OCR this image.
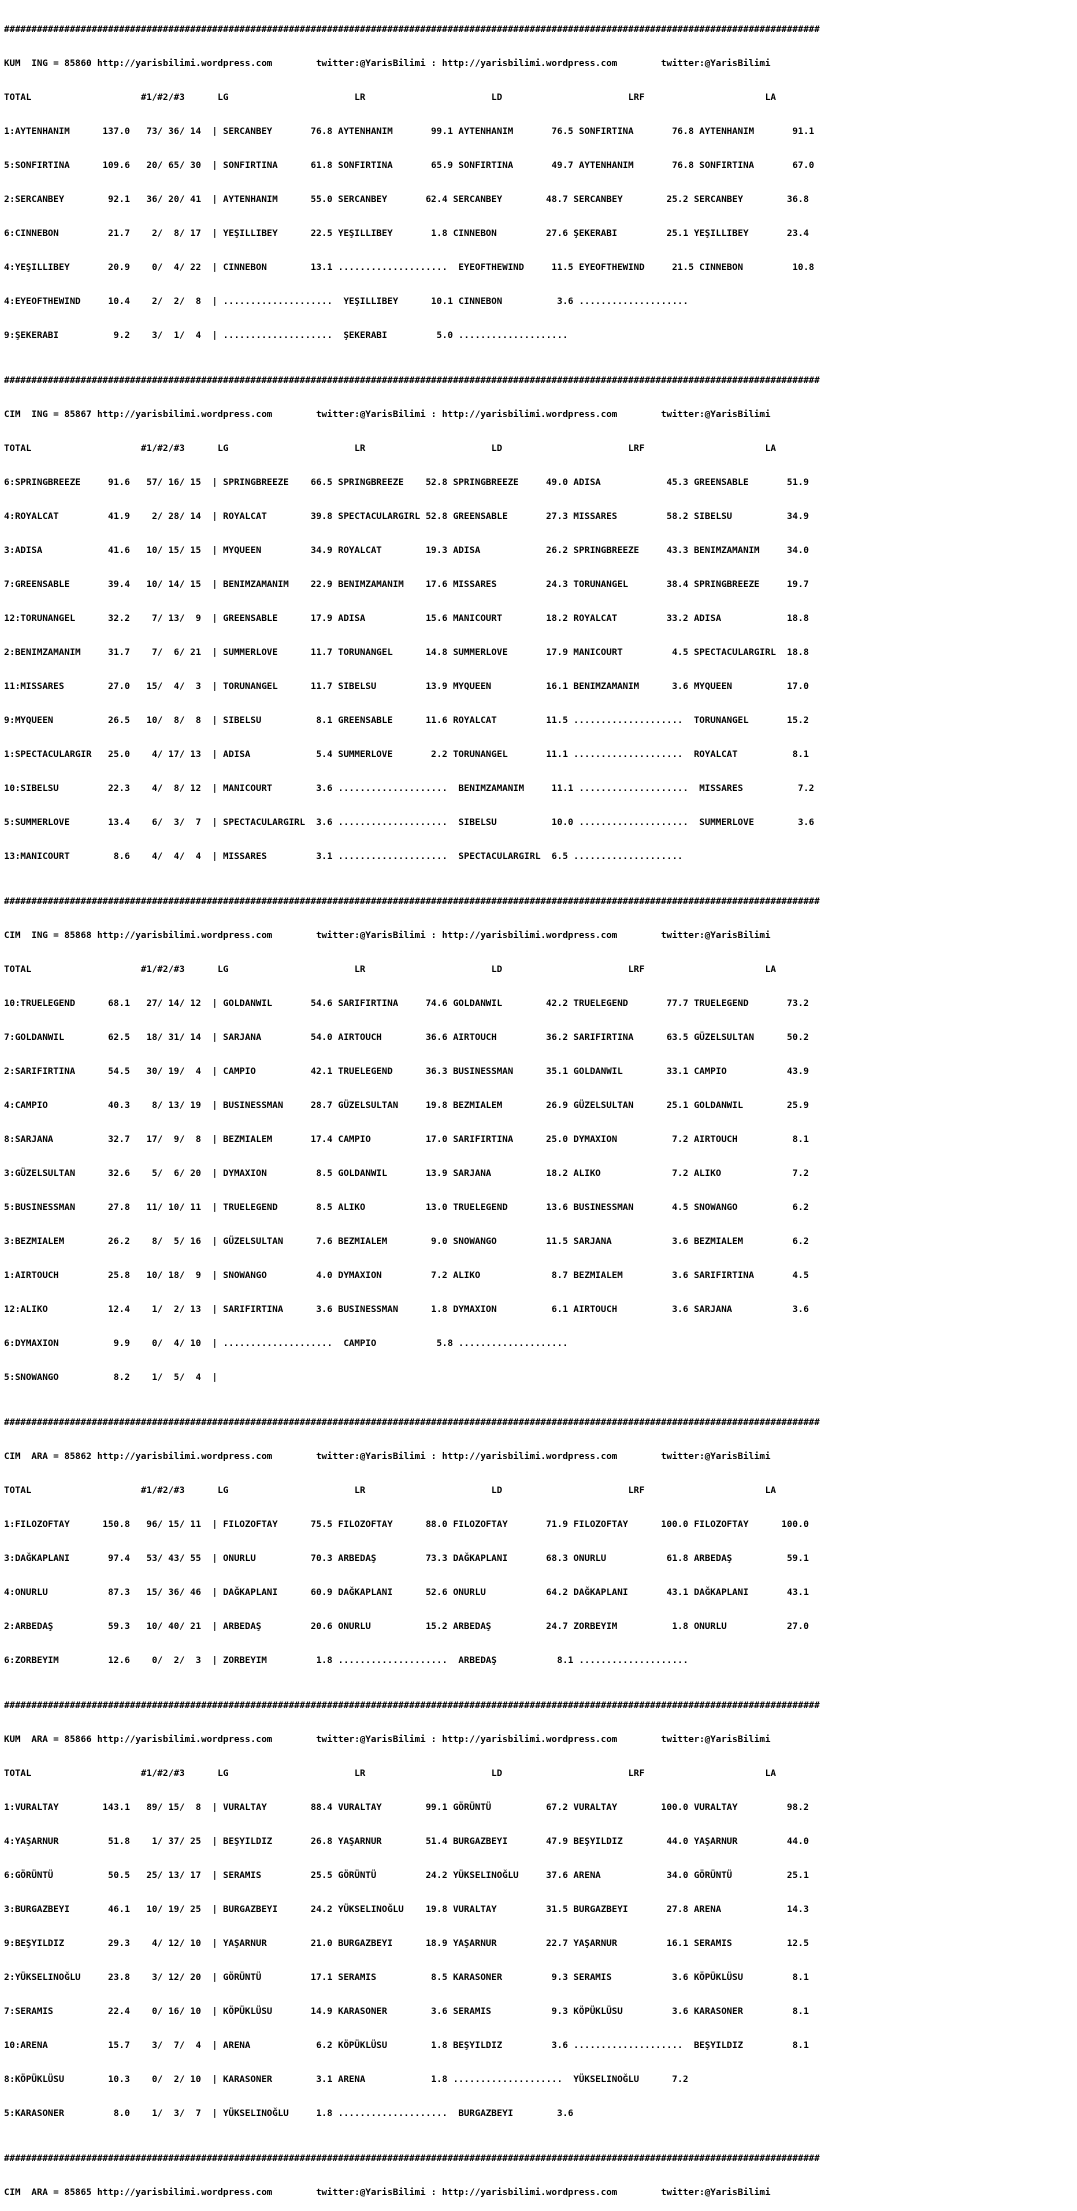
#####################################################################################################################################################

KUM  ING = 85860 http://yarisbilimi.wordpress.com        twitter:@YarisBilimi : http://yarisbilimi.wordpress.com        twitter:@YarisBilimi

TOTAL                    #1/#2/#3      LG                       LR                       LD                       LRF                      LA

1:AYTENHANIM      137.0   73/ 36/ 14  | SERCANBEY       76.8 AYTENHANIM       99.1 AYTENHANIM       76.5 SONFIRTINA       76.8 AYTENHANIM       91.1

5:SONFIRTINA      109.6   20/ 65/ 30  | SONFIRTINA      61.8 SONFIRTINA       65.9 SONFIRTINA       49.7 AYTENHANIM       76.8 SONFIRTINA       67.0

2:SERCANBEY        92.1   36/ 20/ 41  | AYTENHANIM      55.0 SERCANBEY       62.4 SERCANBEY        48.7 SERCANBEY        25.2 SERCANBEY        36.8

6:CINNEBON         21.7    2/  8/ 17  | YEŞILLIBEY      22.5 YEŞILLIBEY       1.8 CINNEBON         27.6 ŞEKERABI         25.1 YEŞILLIBEY       23.4

4:YEŞILLIBEY       20.9    0/  4/ 22  | CINNEBON        13.1 ....................  EYEOFTHEWIND     11.5 EYEOFTHEWIND     21.5 CINNEBON         10.8

4:EYEOFTHEWIND     10.4    2/  2/  8  | ....................  YEŞILLIBEY      10.1 CINNEBON          3.6 ....................

9:ŞEKERABI          9.2    3/  1/  4  | ....................  ŞEKERABI         5.0 ....................

#####################################################################################################################################################

CIM  ING = 85867 http://yarisbilimi.wordpress.com        twitter:@YarisBilimi : http://yarisbilimi.wordpress.com        twitter:@YarisBilimi

TOTAL                    #1/#2/#3      LG                       LR                       LD                       LRF                      LA

6:SPRINGBREEZE     91.6   57/ 16/ 15  | SPRINGBREEZE    66.5 SPRINGBREEZE    52.8 SPRINGBREEZE     49.0 ADISA            45.3 GREENSABLE       51.9

4:ROYALCAT         41.9    2/ 28/ 14  | ROYALCAT        39.8 SPECTACULARGIRL 52.8 GREENSABLE       27.3 MISSARES         58.2 SIBELSU          34.9

3:ADISA            41.6   10/ 15/ 15  | MYQUEEN         34.9 ROYALCAT        19.3 ADISA            26.2 SPRINGBREEZE     43.3 BENIMZAMANIM     34.0

7:GREENSABLE       39.4   10/ 14/ 15  | BENIMZAMANIM    22.9 BENIMZAMANIM    17.6 MISSARES         24.3 TORUNANGEL       38.4 SPRINGBREEZE     19.7

12:TORUNANGEL      32.2    7/ 13/  9  | GREENSABLE      17.9 ADISA           15.6 MANICOURT        18.2 ROYALCAT         33.2 ADISA            18.8

2:BENIMZAMANIM     31.7    7/  6/ 21  | SUMMERLOVE      11.7 TORUNANGEL      14.8 SUMMERLOVE       17.9 MANICOURT         4.5 SPECTACULARGIRL  18.8

11:MISSARES        27.0   15/  4/  3  | TORUNANGEL      11.7 SIBELSU         13.9 MYQUEEN          16.1 BENIMZAMANIM      3.6 MYQUEEN          17.0

9:MYQUEEN          26.5   10/  8/  8  | SIBELSU          8.1 GREENSABLE      11.6 ROYALCAT         11.5 ....................  TORUNANGEL       15.2

1:SPECTACULARGIR   25.0    4/ 17/ 13  | ADISA            5.4 SUMMERLOVE       2.2 TORUNANGEL       11.1 ....................  ROYALCAT          8.1

10:SIBELSU         22.3    4/  8/ 12  | MANICOURT        3.6 ....................  BENIMZAMANIM     11.1 ....................  MISSARES          7.2

5:SUMMERLOVE       13.4    6/  3/  7  | SPECTACULARGIRL  3.6 ....................  SIBELSU          10.0 ....................  SUMMERLOVE        3.6

13:MANICOURT        8.6    4/  4/  4  | MISSARES         3.1 ....................  SPECTACULARGIRL  6.5 ....................

#####################################################################################################################################################

CIM  ING = 85868 http://yarisbilimi.wordpress.com        twitter:@YarisBilimi : http://yarisbilimi.wordpress.com        twitter:@YarisBilimi

TOTAL                    #1/#2/#3      LG                       LR                       LD                       LRF                      LA

10:TRUELEGEND      68.1   27/ 14/ 12  | GOLDANWIL       54.6 SARIFIRTINA     74.6 GOLDANWIL        42.2 TRUELEGEND       77.7 TRUELEGEND       73.2

7:GOLDANWIL        62.5   18/ 31/ 14  | SARJANA         54.0 AIRTOUCH        36.6 AIRTOUCH         36.2 SARIFIRTINA      63.5 GÜZELSULTAN      50.2

2:SARIFIRTINA      54.5   30/ 19/  4  | CAMPIO          42.1 TRUELEGEND      36.3 BUSINESSMAN      35.1 GOLDANWIL        33.1 CAMPIO           43.9

4:CAMPIO           40.3    8/ 13/ 19  | BUSINESSMAN     28.7 GÜZELSULTAN     19.8 BEZMIALEM        26.9 GÜZELSULTAN      25.1 GOLDANWIL        25.9

8:SARJANA          32.7   17/  9/  8  | BEZMIALEM       17.4 CAMPIO          17.0 SARIFIRTINA      25.0 DYMAXION          7.2 AIRTOUCH          8.1

3:GÜZELSULTAN      32.6    5/  6/ 20  | DYMAXION         8.5 GOLDANWIL       13.9 SARJANA          18.2 ALIKO             7.2 ALIKO             7.2

5:BUSINESSMAN      27.8   11/ 10/ 11  | TRUELEGEND       8.5 ALIKO           13.0 TRUELEGEND       13.6 BUSINESSMAN       4.5 SNOWANGO          6.2

3:BEZMIALEM        26.2    8/  5/ 16  | GÜZELSULTAN      7.6 BEZMIALEM        9.0 SNOWANGO         11.5 SARJANA           3.6 BEZMIALEM         6.2

1:AIRTOUCH         25.8   10/ 18/  9  | SNOWANGO         4.0 DYMAXION         7.2 ALIKO             8.7 BEZMIALEM         3.6 SARIFIRTINA       4.5

12:ALIKO           12.4    1/  2/ 13  | SARIFIRTINA      3.6 BUSINESSMAN      1.8 DYMAXION          6.1 AIRTOUCH          3.6 SARJANA           3.6

6:DYMAXION          9.9    0/  4/ 10  | ....................  CAMPIO           5.8 ....................

5:SNOWANGO          8.2    1/  5/  4  |

#####################################################################################################################################################

CIM  ARA = 85862 http://yarisbilimi.wordpress.com        twitter:@YarisBilimi : http://yarisbilimi.wordpress.com        twitter:@YarisBilimi

TOTAL                    #1/#2/#3      LG                       LR                       LD                       LRF                      LA

1:FILOZOFTAY      150.8   96/ 15/ 11  | FILOZOFTAY      75.5 FILOZOFTAY      88.0 FILOZOFTAY       71.9 FILOZOFTAY      100.0 FILOZOFTAY      100.0

3:DAĞKAPLANI       97.4   53/ 43/ 55  | ONURLU          70.3 ARBEDAŞ         73.3 DAĞKAPLANI       68.3 ONURLU           61.8 ARBEDAŞ          59.1

4:ONURLU           87.3   15/ 36/ 46  | DAĞKAPLANI      60.9 DAĞKAPLANI      52.6 ONURLU           64.2 DAĞKAPLANI       43.1 DAĞKAPLANI       43.1

2:ARBEDAŞ          59.3   10/ 40/ 21  | ARBEDAŞ         20.6 ONURLU          15.2 ARBEDAŞ          24.7 ZORBEYIM          1.8 ONURLU           27.0

6:ZORBEYIM         12.6    0/  2/  3  | ZORBEYIM         1.8 ....................  ARBEDAŞ           8.1 ....................

#####################################################################################################################################################

KUM  ARA = 85866 http://yarisbilimi.wordpress.com        twitter:@YarisBilimi : http://yarisbilimi.wordpress.com        twitter:@YarisBilimi

TOTAL                    #1/#2/#3      LG                       LR                       LD                       LRF                      LA

1:VURALTAY        143.1   89/ 15/  8  | VURALTAY        88.4 VURALTAY        99.1 GÖRÜNTÜ          67.2 VURALTAY        100.0 VURALTAY         98.2

4:YAŞARNUR         51.8    1/ 37/ 25  | BEŞYILDIZ       26.8 YAŞARNUR        51.4 BURGAZBEYI       47.9 BEŞYILDIZ        44.0 YAŞARNUR         44.0

6:GÖRÜNTÜ          50.5   25/ 13/ 17  | SERAMIS         25.5 GÖRÜNTÜ         24.2 YÜKSELINOĞLU     37.6 ARENA            34.0 GÖRÜNTÜ          25.1

3:BURGAZBEYI       46.1   10/ 19/ 25  | BURGAZBEYI      24.2 YÜKSELINOĞLU    19.8 VURALTAY         31.5 BURGAZBEYI       27.8 ARENA            14.3

9:BEŞYILDIZ        29.3    4/ 12/ 10  | YAŞARNUR        21.0 BURGAZBEYI      18.9 YAŞARNUR         22.7 YAŞARNUR         16.1 SERAMIS          12.5

2:YÜKSELINOĞLU     23.8    3/ 12/ 20  | GÖRÜNTÜ         17.1 SERAMIS          8.5 KARASONER         9.3 SERAMIS           3.6 KÖPÜKLÜSU         8.1

7:SERAMIS          22.4    0/ 16/ 10  | KÖPÜKLÜSU       14.9 KARASONER        3.6 SERAMIS           9.3 KÖPÜKLÜSU         3.6 KARASONER         8.1

10:ARENA           15.7    3/  7/  4  | ARENA            6.2 KÖPÜKLÜSU        1.8 BEŞYILDIZ         3.6 ....................  BEŞYILDIZ         8.1

8:KÖPÜKLÜSU        10.3    0/  2/ 10  | KARASONER        3.1 ARENA            1.8 ....................  YÜKSELINOĞLU      7.2

5:KARASONER         8.0    1/  3/  7  | YÜKSELINOĞLU     1.8 ....................  BURGAZBEYI        3.6

#####################################################################################################################################################

CIM  ARA = 85865 http://yarisbilimi.wordpress.com        twitter:@YarisBilimi : http://yarisbilimi.wordpress.com        twitter:@YarisBilimi
